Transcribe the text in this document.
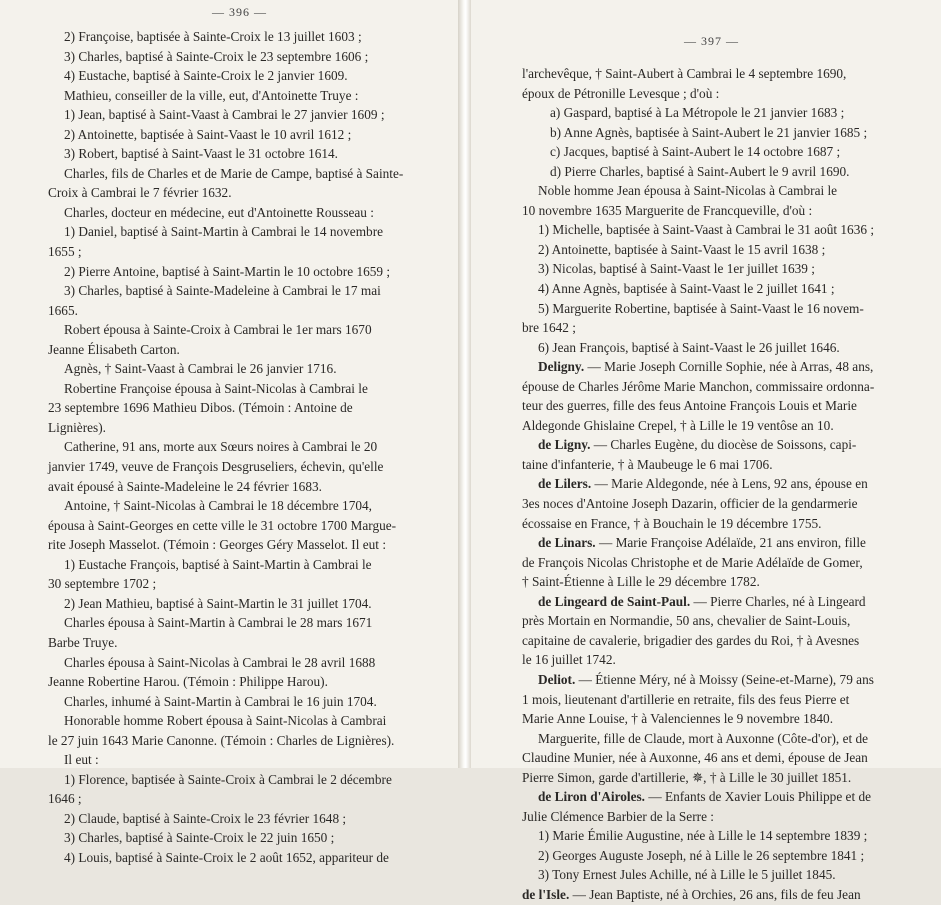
— 396 —
2) Françoise, baptisée à Sainte-Croix le 13 juillet 1603 ;
3) Charles, baptisé à Sainte-Croix le 23 septembre 1606 ;
4) Eustache, baptisé à Sainte-Croix le 2 janvier 1609.
Mathieu, conseiller de la ville, eut, d'Antoinette Truye :
1) Jean, baptisé à Saint-Vaast à Cambrai le 27 janvier 1609 ;
2) Antoinette, baptisée à Saint-Vaast le 10 avril 1612 ;
3) Robert, baptisé à Saint-Vaast le 31 octobre 1614.
Charles, fils de Charles et de Marie de Campe, baptisé à Sainte-
Croix à Cambrai le 7 février 1632.
Charles, docteur en médecine, eut d'Antoinette Rousseau :
1) Daniel, baptisé à Saint-Martin à Cambrai le 14 novembre
1655 ;
2) Pierre Antoine, baptisé à Saint-Martin le 10 octobre 1659 ;
3) Charles, baptisé à Sainte-Madeleine à Cambrai le 17 mai
1665.
Robert épousa à Sainte-Croix à Cambrai le 1er mars 1670
Jeanne Élisabeth Carton.
Agnès, † Saint-Vaast à Cambrai le 26 janvier 1716.
Robertine Françoise épousa à Saint-Nicolas à Cambrai le
23 septembre 1696 Mathieu Dibos. (Témoin : Antoine de
Lignières).
Catherine, 91 ans, morte aux Sœurs noires à Cambrai le 20
janvier 1749, veuve de François Desgruseliers, échevin, qu'elle
avait épousé à Sainte-Madeleine le 24 février 1683.
Antoine, † Saint-Nicolas à Cambrai le 18 décembre 1704,
épousa à Saint-Georges en cette ville le 31 octobre 1700 Margue-
rite Joseph Masselot. (Témoin : Georges Géry Masselot. Il eut :
1) Eustache François, baptisé à Saint-Martin à Cambrai le
30 septembre 1702 ;
2) Jean Mathieu, baptisé à Saint-Martin le 31 juillet 1704.
Charles épousa à Saint-Martin à Cambrai le 28 mars 1671
Barbe Truye.
Charles épousa à Saint-Nicolas à Cambrai le 28 avril 1688
Jeanne Robertine Harou. (Témoin : Philippe Harou).
Charles, inhumé à Saint-Martin à Cambrai le 16 juin 1704.
Honorable homme Robert épousa à Saint-Nicolas à Cambrai
le 27 juin 1643 Marie Canonne. (Témoin : Charles de Lignières).
Il eut :
1) Florence, baptisée à Sainte-Croix à Cambrai le 2 décembre
1646 ;
2) Claude, baptisé à Sainte-Croix le 23 février 1648 ;
3) Charles, baptisé à Sainte-Croix le 22 juin 1650 ;
4) Louis, baptisé à Sainte-Croix le 2 août 1652, appariteur de
— 397 —
l'archevêque, † Saint-Aubert à Cambrai le 4 septembre 1690,
époux de Pétronille Levesque ; d'où :
a) Gaspard, baptisé à La Métropole le 21 janvier 1683 ;
b) Anne Agnès, baptisée à Saint-Aubert le 21 janvier 1685 ;
c) Jacques, baptisé à Saint-Aubert le 14 octobre 1687 ;
d) Pierre Charles, baptisé à Saint-Aubert le 9 avril 1690.
Noble homme Jean épousa à Saint-Nicolas à Cambrai le
10 novembre 1635 Marguerite de Francqueville, d'où :
1) Michelle, baptisée à Saint-Vaast à Cambrai le 31 août 1636 ;
2) Antoinette, baptisée à Saint-Vaast le 15 avril 1638 ;
3) Nicolas, baptisé à Saint-Vaast le 1er juillet 1639 ;
4) Anne Agnès, baptisée à Saint-Vaast le 2 juillet 1641 ;
5) Marguerite Robertine, baptisée à Saint-Vaast le 16 novem-
bre 1642 ;
6) Jean François, baptisé à Saint-Vaast le 26 juillet 1646.
Deligny. — Marie Joseph Cornille Sophie, née à Arras, 48 ans,
épouse de Charles Jérôme Marie Manchon, commissaire ordonna-
teur des guerres, fille des feus Antoine François Louis et Marie
Aldegonde Ghislaine Crepel, † à Lille le 19 ventôse an 10.
de Ligny. — Charles Eugène, du diocèse de Soissons, capi-
taine d'infanterie, † à Maubeuge le 6 mai 1706.
de Lilers. — Marie Aldegonde, née à Lens, 92 ans, épouse en
3es noces d'Antoine Joseph Dazarin, officier de la gendarmerie
écossaise en France, † à Bouchain le 19 décembre 1755.
de Linars. — Marie Françoise Adélaïde, 21 ans environ, fille
de François Nicolas Christophe et de Marie Adélaïde de Gomer,
† Saint-Étienne à Lille le 29 décembre 1782.
de Lingeard de Saint-Paul. — Pierre Charles, né à Lingeard
près Mortain en Normandie, 50 ans, chevalier de Saint-Louis,
capitaine de cavalerie, brigadier des gardes du Roi, † à Avesnes
le 16 juillet 1742.
Deliot. — Étienne Méry, né à Moissy (Seine-et-Marne), 79 ans
1 mois, lieutenant d'artillerie en retraite, fils des feus Pierre et
Marie Anne Louise, † à Valenciennes le 9 novembre 1840.
Marguerite, fille de Claude, mort à Auxonne (Côte-d'or), et de
Claudine Munier, née à Auxonne, 46 ans et demi, épouse de Jean
Pierre Simon, garde d'artillerie, ✵, † à Lille le 30 juillet 1851.
de Liron d'Airoles. — Enfants de Xavier Louis Philippe et de
Julie Clémence Barbier de la Serre :
1) Marie Émilie Augustine, née à Lille le 14 septembre 1839 ;
2) Georges Auguste Joseph, né à Lille le 26 septembre 1841 ;
3) Tony Ernest Jules Achille, né à Lille le 5 juillet 1845.
de l'Isle. — Jean Baptiste, né à Orchies, 26 ans, fils de feu Jean
